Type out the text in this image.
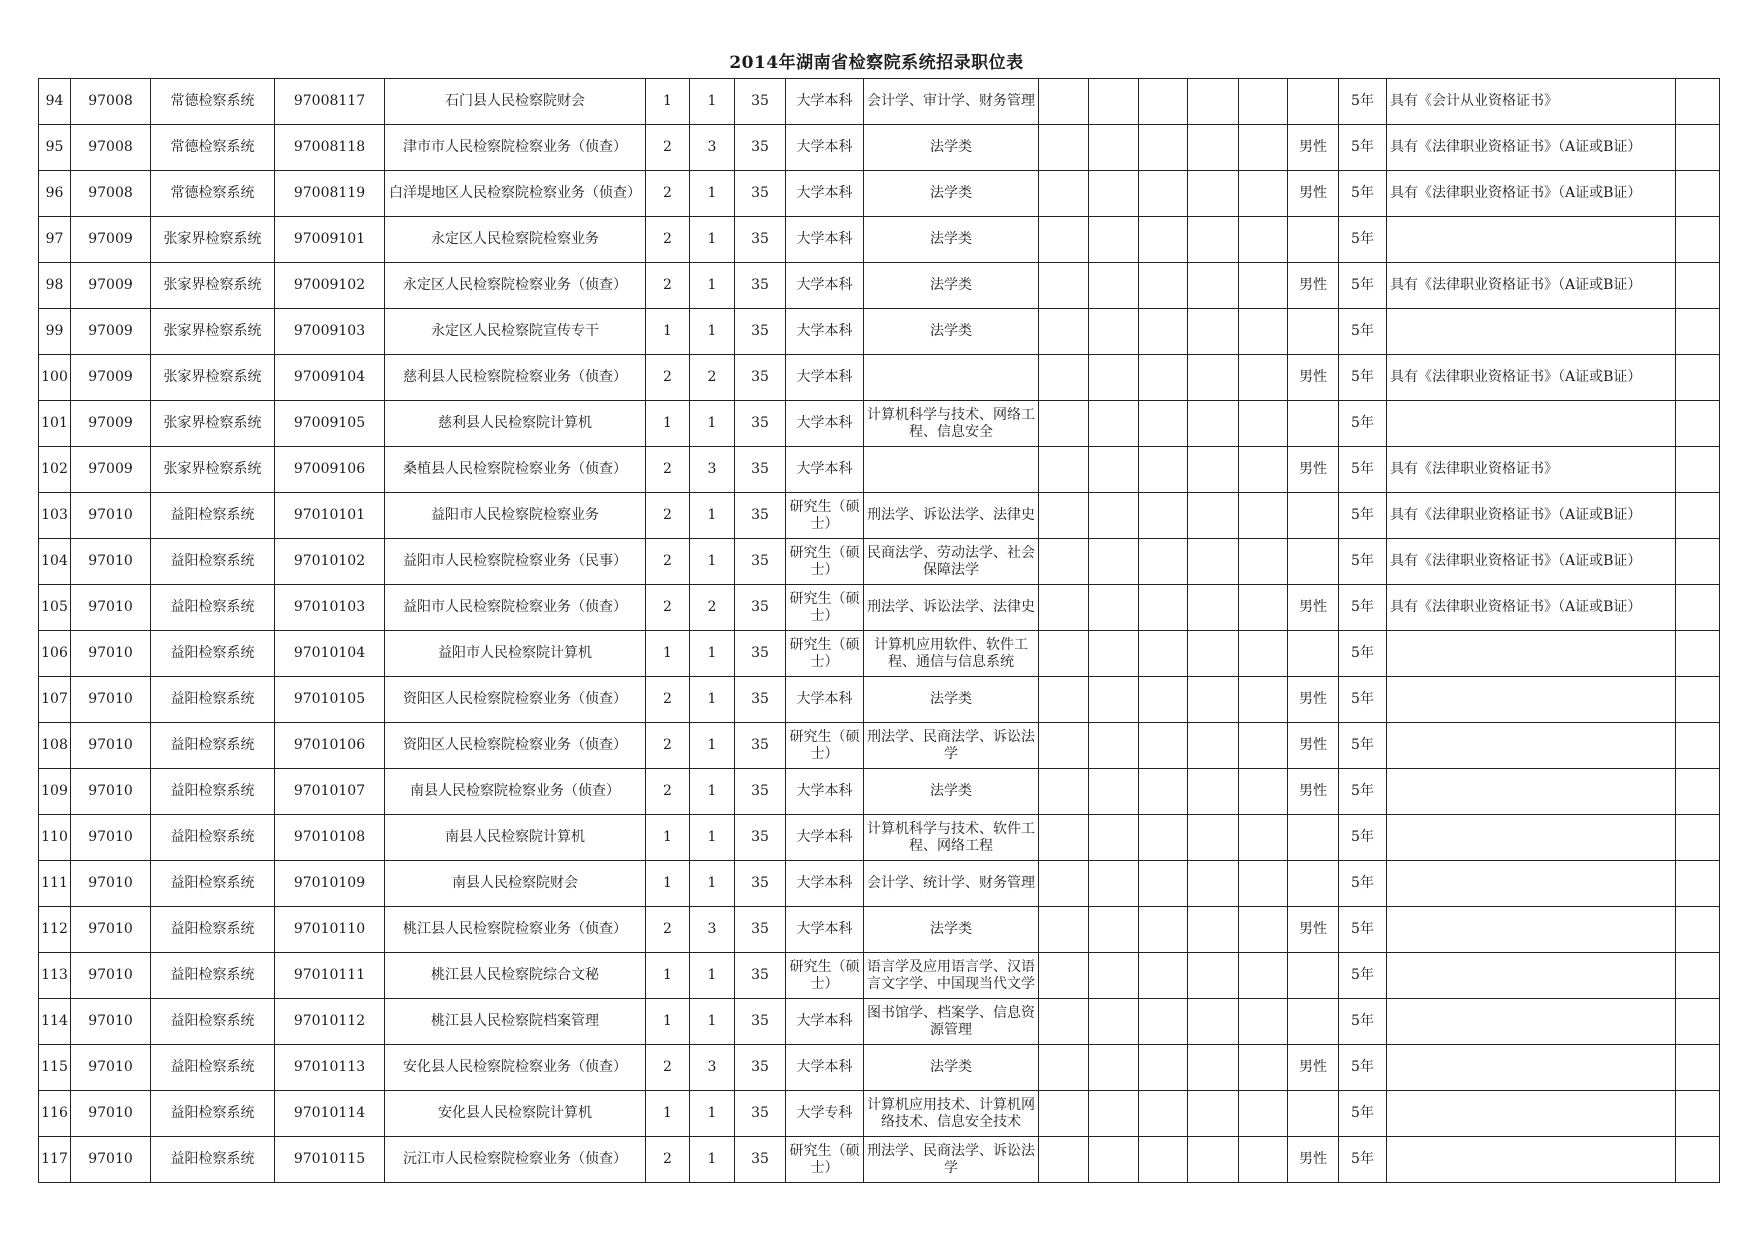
2014年湖南省检察院系统招录职位表
94	97008	常德检察系统	97008117	石门县人民检察院财会	1	1	35	大学本科	会计学、审计学、财务管理							5年	具有《会计从业资格证书》	
95	97008	常德检察系统	97008118	津市市人民检察院检察业务（侦查）	2	3	35	大学本科	法学类						男性	5年	具有《法律职业资格证书》（A证或B证）	
96	97008	常德检察系统	97008119	白洋堤地区人民检察院检察业务（侦查）	2	1	35	大学本科	法学类						男性	5年	具有《法律职业资格证书》（A证或B证）	
97	97009	张家界检察系统	97009101	永定区人民检察院检察业务	2	1	35	大学本科	法学类							5年		
98	97009	张家界检察系统	97009102	永定区人民检察院检察业务（侦查）	2	1	35	大学本科	法学类						男性	5年	具有《法律职业资格证书》（A证或B证）	
99	97009	张家界检察系统	97009103	永定区人民检察院宣传专干	1	1	35	大学本科	法学类							5年		
100	97009	张家界检察系统	97009104	慈利县人民检察院检察业务（侦查）	2	2	35	大学本科							男性	5年	具有《法律职业资格证书》（A证或B证）	
101	97009	张家界检察系统	97009105	慈利县人民检察院计算机	1	1	35	大学本科	计算机科学与技术、网络工程、信息安全							5年		
102	97009	张家界检察系统	97009106	桑植县人民检察院检察业务（侦查）	2	3	35	大学本科							男性	5年	具有《法律职业资格证书》	
103	97010	益阳检察系统	97010101	益阳市人民检察院检察业务	2	1	35	研究生（硕士）	刑法学、诉讼法学、法律史							5年	具有《法律职业资格证书》（A证或B证）	
104	97010	益阳检察系统	97010102	益阳市人民检察院检察业务（民事）	2	1	35	研究生（硕士）	民商法学、劳动法学、社会保障法学							5年	具有《法律职业资格证书》（A证或B证）	
105	97010	益阳检察系统	97010103	益阳市人民检察院检察业务（侦查）	2	2	35	研究生（硕士）	刑法学、诉讼法学、法律史						男性	5年	具有《法律职业资格证书》（A证或B证）	
106	97010	益阳检察系统	97010104	益阳市人民检察院计算机	1	1	35	研究生（硕士）	计算机应用软件、软件工程、通信与信息系统							5年		
107	97010	益阳检察系统	97010105	资阳区人民检察院检察业务（侦查）	2	1	35	大学本科	法学类						男性	5年		
108	97010	益阳检察系统	97010106	资阳区人民检察院检察业务（侦查）	2	1	35	研究生（硕士）	刑法学、民商法学、诉讼法学						男性	5年		
109	97010	益阳检察系统	97010107	南县人民检察院检察业务（侦查）	2	1	35	大学本科	法学类						男性	5年		
110	97010	益阳检察系统	97010108	南县人民检察院计算机	1	1	35	大学本科	计算机科学与技术、软件工程、网络工程							5年		
111	97010	益阳检察系统	97010109	南县人民检察院财会	1	1	35	大学本科	会计学、统计学、财务管理							5年		
112	97010	益阳检察系统	97010110	桃江县人民检察院检察业务（侦查）	2	3	35	大学本科	法学类						男性	5年		
113	97010	益阳检察系统	97010111	桃江县人民检察院综合文秘	1	1	35	研究生（硕士）	语言学及应用语言学、汉语言文字学、中国现当代文学							5年		
114	97010	益阳检察系统	97010112	桃江县人民检察院档案管理	1	1	35	大学本科	图书馆学、档案学、信息资源管理							5年		
115	97010	益阳检察系统	97010113	安化县人民检察院检察业务（侦查）	2	3	35	大学本科	法学类						男性	5年		
116	97010	益阳检察系统	97010114	安化县人民检察院计算机	1	1	35	大学专科	计算机应用技术、计算机网络技术、信息安全技术							5年		
117	97010	益阳检察系统	97010115	沅江市人民检察院检察业务（侦查）	2	1	35	研究生（硕士）	刑法学、民商法学、诉讼法学						男性	5年		
